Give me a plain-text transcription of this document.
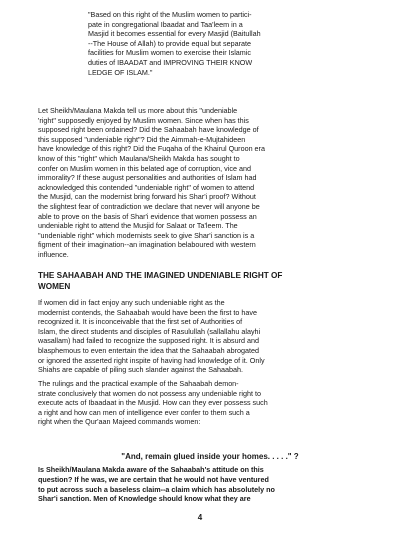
"Based on this right of the Muslim women to partici-
pate in congregational Ibaadat and Taa'leem in a
Masjid it becomes essential for every Masjid (Baitullah
--The House of Allah) to provide equal but separate
facilities for Muslim women to exercise their Islamic
duties of IBAADAT and IMPROVING THEIR KNOW
LEDGE OF ISLAM."
Let Sheikh/Maulana Makda tell us more about this "undeniable
'right" supposedly enjoyed by Muslim women. Since when has this
supposed right been ordained? Did the Sahaabah have knowledge of
this supposed "undeniable right"? Did the Aimmah-e-Mujtahideen
have knowledge of this right? Did the Fuqaha of the Khairul Quroon era
know of this "right" which Maulana/Sheikh Makda has sought to
confer on Muslim women in this belated age of corruption, vice and
immorality? If these august personalities and authorities of Islam had
acknowledged this contended "undeniable right" of women to attend
the Musjid, can the modernist bring forward his Shar'i proof? Without
the slightest fear of contradiction we declare that never will anyone be
able to prove on the basis of Shar'i evidence that women possess an
undeniable right to attend the Musjid for Salaat or Ta'leem. The
"undeniable right" which modernists seek to give Shar'i sanction is a
figment of their imagination--an imagination belaboured with western
influence.
THE SAHAABAH AND THE IMAGINED UNDENIABLE RIGHT OF
WOMEN
If women did in fact enjoy any such undeniable right as the
modernist contends, the Sahaabah would have been the first to have
recognized it. It is inconceivable that the first set of Authorities of
Islam, the direct students and disciples of Rasulullah (sallallahu alayhi
wasallam) had failed to recognize the supposed right. It is absurd and
blasphemous to even entertain the idea that the Sahaabah abrogated
or ignored the asserted right inspite of having had knowledge of it. Only
Shiahs are capable of piling such slander against the Sahaabah.
The rulings and the practical example of the Sahaabah demon-
strate conclusively that women do not possess any undeniable right to
execute acts of Ibaadaat in the Musjid. How can they ever possess such
a right and how can men of intelligence ever confer to them such a
right when the Qur'aan Majeed commands women:
"And, remain glued inside your homes. . . . ." ?
Is Sheikh/Maulana Makda aware of the Sahaabah's attitude on this
question? If he was, we are certain that he would not have ventured
to put across such a baseless claim--a claim which has absolutely no
Shar'i sanction. Men of Knowledge should know what they are
4
